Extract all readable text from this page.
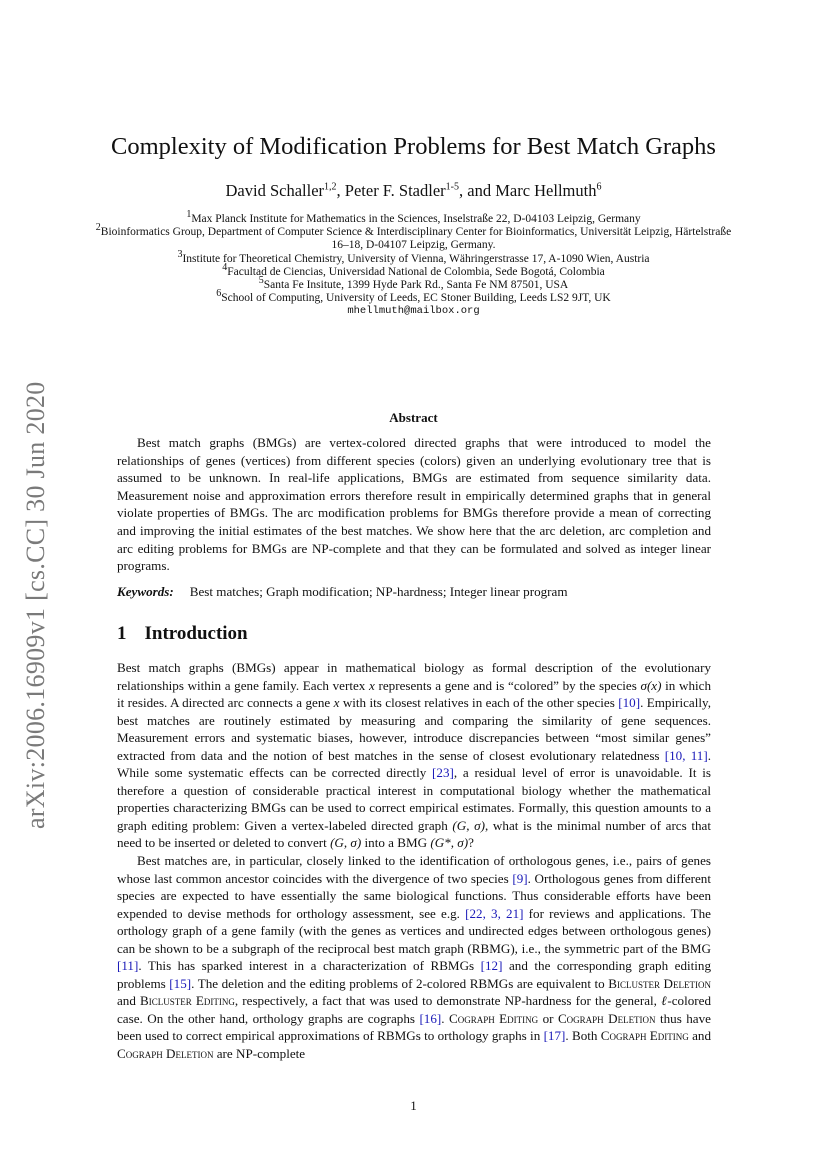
arXiv:2006.16909v1 [cs.CC] 30 Jun 2020
Complexity of Modification Problems for Best Match Graphs
David Schaller$^{1,2}$, Peter F. Stadler$^{1-5}$, and Marc Hellmuth$^6$
$^1$Max Planck Institute for Mathematics in the Sciences, Inselstraße 22, D-04103 Leipzig, Germany
$^2$Bioinformatics Group, Department of Computer Science & Interdisciplinary Center for Bioinformatics, Universität Leipzig, Härtelstraße 16–18, D-04107 Leipzig, Germany.
$^3$Institute for Theoretical Chemistry, University of Vienna, Währingerstrasse 17, A-1090 Wien, Austria
$^4$Facultad de Ciencias, Universidad National de Colombia, Sede Bogotá, Colombia
$^5$Santa Fe Insitute, 1399 Hyde Park Rd., Santa Fe NM 87501, USA
$^6$School of Computing, University of Leeds, EC Stoner Building, Leeds LS2 9JT, UK
mhellmuth@mailbox.org
Abstract
Best match graphs (BMGs) are vertex-colored directed graphs that were introduced to model the relationships of genes (vertices) from different species (colors) given an underlying evolutionary tree that is assumed to be unknown. In real-life applications, BMGs are estimated from sequence similarity data. Measurement noise and approximation errors therefore result in empirically determined graphs that in general violate properties of BMGs. The arc modification problems for BMGs therefore provide a mean of correcting and improving the initial estimates of the best matches. We show here that the arc deletion, arc completion and arc editing problems for BMGs are NP-complete and that they can be formulated and solved as integer linear programs.
Keywords: Best matches; Graph modification; NP-hardness; Integer linear program
1 Introduction

Best match graphs (BMGs) appear in mathematical biology as formal description of the evolutionary relationships within a gene family. Each vertex x represents a gene and is “colored” by the species σ(x) in which it resides. A directed arc connects a gene x with its closest relatives in each of the other species [10]. Empirically, best matches are routinely estimated by measuring and comparing the similarity of gene sequences. Measurement errors and systematic biases, however, introduce discrepancies between “most similar genes” extracted from data and the notion of best matches in the sense of closest evolutionary relatedness [10, 11]. While some systematic effects can be corrected directly [23], a residual level of error is unavoidable. It is therefore a question of considerable practical interest in computational biology whether the mathematical properties characterizing BMGs can be used to correct empirical estimates. Formally, this question amounts to a graph editing problem: Given a vertex-labeled directed graph (G, σ), what is the minimal number of arcs that need to be inserted or deleted to convert (G, σ) into a BMG (G*, σ)?

Best matches are, in particular, closely linked to the identification of orthologous genes, i.e., pairs of genes whose last common ancestor coincides with the divergence of two species [9]. Orthologous genes from different species are expected to have essentially the same biological functions. Thus considerable efforts have been expended to devise methods for orthology assessment, see e.g. [22, 3, 21] for reviews and applications. The orthology graph of a gene family (with the genes as vertices and undirected edges between orthologous genes) can be shown to be a subgraph of the reciprocal best match graph (RBMG), i.e., the symmetric part of the BMG [11]. This has sparked interest in a characterization of RBMGs [12] and the corresponding graph editing problems [15]. The deletion and the editing problems of 2-colored RBMGs are equivalent to Bicluster Deletion and Bicluster Editing, respectively, a fact that was used to demonstrate NP-hardness for the general, ℓ-colored case. On the other hand, orthology graphs are cographs [16]. Cograph Editing or Cograph Deletion thus have been used to correct empirical approximations of RBMGs to orthology graphs in [17]. Both Cograph Editing and Cograph Deletion are NP-complete

1
